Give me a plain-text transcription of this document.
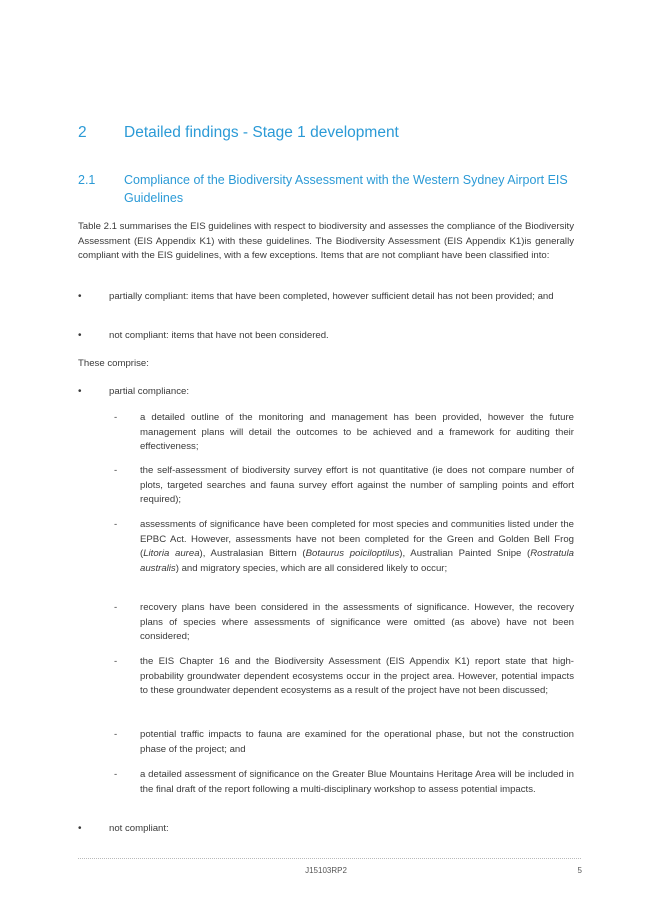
2 Detailed findings - Stage 1 development
2.1 Compliance of the Biodiversity Assessment with the Western Sydney Airport EIS Guidelines
Table 2.1 summarises the EIS guidelines with respect to biodiversity and assesses the compliance of the Biodiversity Assessment (EIS Appendix K1) with these guidelines. The Biodiversity Assessment (EIS Appendix K1)is generally compliant with the EIS guidelines, with a few exceptions. Items that are not compliant have been classified into:
•	partially compliant: items that have been completed, however sufficient detail has not been provided; and
•	not compliant: items that have not been considered.
These comprise:
•	partial compliance:
-	a detailed outline of the monitoring and management has been provided, however the future management plans will detail the outcomes to be achieved and a framework for auditing their effectiveness;
-	the self-assessment of biodiversity survey effort is not quantitative (ie does not compare number of plots, targeted searches and fauna survey effort against the number of sampling points and effort required);
-	assessments of significance have been completed for most species and communities listed under the EPBC Act. However, assessments have not been completed for the Green and Golden Bell Frog (Litoria aurea), Australasian Bittern (Botaurus poiciloptilus), Australian Painted Snipe (Rostratula australis) and migratory species, which are all considered likely to occur;
-	recovery plans have been considered in the assessments of significance. However, the recovery plans of species where assessments of significance were omitted (as above) have not been considered;
-	the EIS Chapter 16 and the Biodiversity Assessment (EIS Appendix K1) report state that high-probability groundwater dependent ecosystems occur in the project area. However, potential impacts to these groundwater dependent ecosystems as a result of the project have not been discussed;
-	potential traffic impacts to fauna are examined for the operational phase, but not the construction phase of the project; and
-	a detailed assessment of significance on the Greater Blue Mountains Heritage Area will be included in the final draft of the report following a multi-disciplinary workshop to assess potential impacts.
•	not compliant:
J15103RP2	5
